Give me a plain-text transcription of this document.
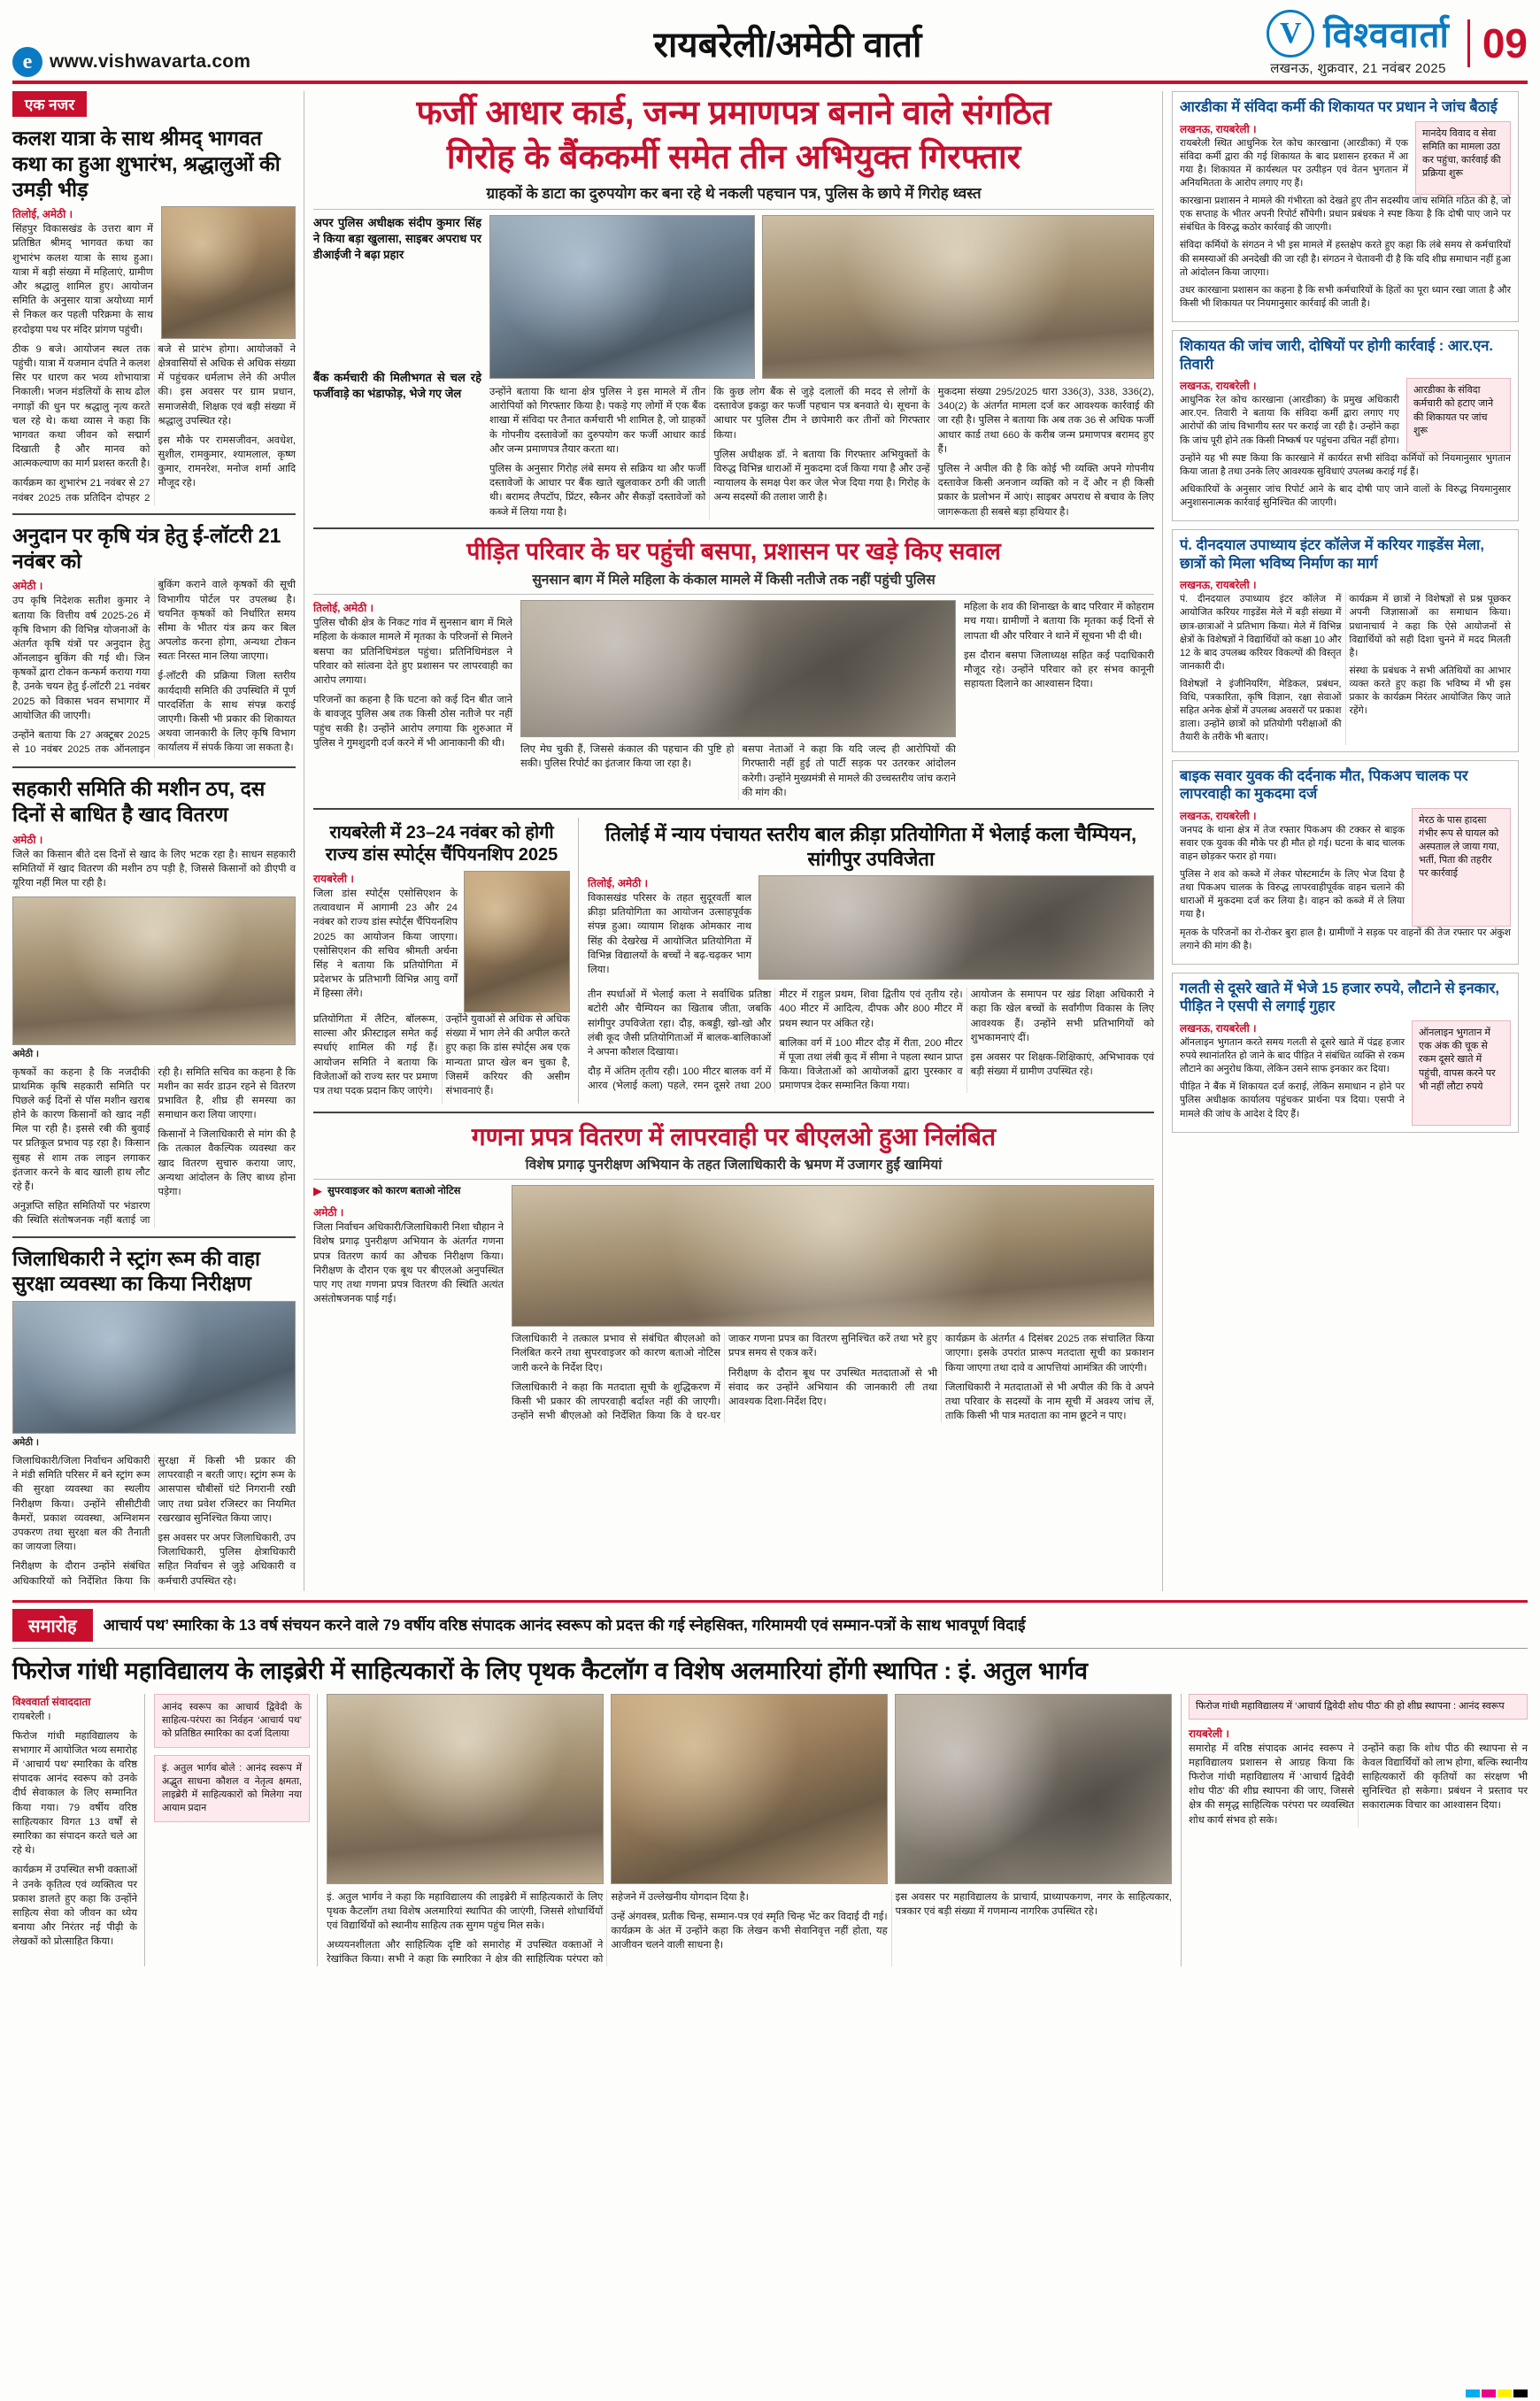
e www.vishwavarta.com	रायबरेली/अमेठी वार्ता	V विश्ववार्ता
लखनऊ, शुक्रवार, 21 नवंबर 2025
09
एक नजर
कलश यात्रा के साथ श्रीमद् भागवत कथा का हुआ शुभारंभ, श्रद्धालुओं की उमड़ी भीड़
तिलोई, अमेठी ।

सिंहपुर विकासखंड के उत्तरा बाग में प्रतिष्ठित श्रीमद् भागवत कथा का शुभारंभ कलश यात्रा के साथ हुआ। यात्रा में बड़ी संख्या में महिलाएं, ग्रामीण और श्रद्धालु शामिल हुए। आयोजन समिति के अनुसार यात्रा अयोध्या मार्ग से निकल कर पहली परिक्रमा के साथ हरदोइया पथ पर मंदिर प्रांगण पहुंची।

ठीक 9 बजे। आयोजन स्थल तक पहुंची। यात्रा में यजमान दंपति ने कलश सिर पर धारण कर भव्य शोभायात्रा निकाली। भजन मंडलियों के साथ ढोल नगाड़ों की धुन पर श्रद्धालु नृत्य करते चल रहे थे। कथा व्यास ने कहा कि भागवत कथा जीवन को सद्मार्ग दिखाती है और मानव को आत्मकल्याण का मार्ग प्रशस्त करती है।

कार्यक्रम का शुभारंभ 21 नवंबर से 27 नवंबर 2025 तक प्रतिदिन दोपहर 2 बजे से प्रारंभ होगा। आयोजकों ने क्षेत्रवासियों से अधिक से अधिक संख्या में पहुंचकर धर्मलाभ लेने की अपील की। इस अवसर पर ग्राम प्रधान, समाजसेवी, शिक्षक एवं बड़ी संख्या में श्रद्धालु उपस्थित रहे।

इस मौके पर रामसजीवन, अवधेश, सुशील, रामकुमार, श्यामलाल, कृष्ण कुमार, रामनरेश, मनोज शर्मा आदि मौजूद रहे।

अनुदान पर कृषि यंत्र हेतु ई-लॉटरी 21 नवंबर को
अमेठी ।

उप कृषि निदेशक सतीश कुमार ने बताया कि वित्तीय वर्ष 2025-26 में कृषि विभाग की विभिन्न योजनाओं के अंतर्गत कृषि यंत्रों पर अनुदान हेतु ऑनलाइन बुकिंग की गई थी। जिन कृषकों द्वारा टोकन कन्फर्म कराया गया है, उनके चयन हेतु ई-लॉटरी 21 नवंबर 2025 को विकास भवन सभागार में आयोजित की जाएगी।

उन्होंने बताया कि 27 अक्टूबर 2025 से 10 नवंबर 2025 तक ऑनलाइन बुकिंग कराने वाले कृषकों की सूची विभागीय पोर्टल पर उपलब्ध है। चयनित कृषकों को निर्धारित समय सीमा के भीतर यंत्र क्रय कर बिल अपलोड करना होगा, अन्यथा टोकन स्वतः निरस्त मान लिया जाएगा।

ई-लॉटरी की प्रक्रिया जिला स्तरीय कार्यदायी समिति की उपस्थिति में पूर्ण पारदर्शिता के साथ संपन्न कराई जाएगी। किसी भी प्रकार की शिकायत अथवा जानकारी के लिए कृषि विभाग कार्यालय में संपर्क किया जा सकता है।

सहकारी समिति की मशीन ठप, दस दिनों से बाधित है खाद वितरण
अमेठी ।

जिले का किसान बीते दस दिनों से खाद के लिए भटक रहा है। साधन सहकारी समितियों में खाद वितरण की मशीन ठप पड़ी है, जिससे किसानों को डीएपी व यूरिया नहीं मिल पा रही है।

अमेठी ।

कृषकों का कहना है कि नजदीकी प्राथमिक कृषि सहकारी समिति पर पिछले कई दिनों से पॉस मशीन खराब होने के कारण किसानों को खाद नहीं मिल पा रही है। इससे रबी की बुवाई पर प्रतिकूल प्रभाव पड़ रहा है। किसान सुबह से शाम तक लाइन लगाकर इंतजार करने के बाद खाली हाथ लौट रहे हैं।

अनुज्ञप्ति सहित समितियों पर भंडारण की स्थिति संतोषजनक नहीं बताई जा रही है। समिति सचिव का कहना है कि मशीन का सर्वर डाउन रहने से वितरण प्रभावित है, शीघ्र ही समस्या का समाधान करा लिया जाएगा।

किसानों ने जिलाधिकारी से मांग की है कि तत्काल वैकल्पिक व्यवस्था कर खाद वितरण सुचारु कराया जाए, अन्यथा आंदोलन के लिए बाध्य होना पड़ेगा।

जिलाधिकारी ने स्ट्रांग रूम की वाहा सुरक्षा व्यवस्था का किया निरीक्षण
अमेठी ।

जिलाधिकारी/जिला निर्वाचन अधिकारी ने मंडी समिति परिसर में बने स्ट्रांग रूम की सुरक्षा व्यवस्था का स्थलीय निरीक्षण किया। उन्होंने सीसीटीवी कैमरों, प्रकाश व्यवस्था, अग्निशमन उपकरण तथा सुरक्षा बल की तैनाती का जायजा लिया।

निरीक्षण के दौरान उन्होंने संबंधित अधिकारियों को निर्देशित किया कि सुरक्षा में किसी भी प्रकार की लापरवाही न बरती जाए। स्ट्रांग रूम के आसपास चौबीसों घंटे निगरानी रखी जाए तथा प्रवेश रजिस्टर का नियमित रखरखाव सुनिश्चित किया जाए।

इस अवसर पर अपर जिलाधिकारी, उप जिलाधिकारी, पुलिस क्षेत्राधिकारी सहित निर्वाचन से जुड़े अधिकारी व कर्मचारी उपस्थित रहे।

फर्जी आधार कार्ड, जन्म प्रमाणपत्र बनाने वाले संगठित
गिरोह के बैंककर्मी समेत तीन अभियुक्त गिरफ्तार
ग्राहकों के डाटा का दुरुपयोग कर बना रहे थे नकली पहचान पत्र, पुलिस के छापे में गिरोह ध्वस्त

अपर पुलिस अधीक्षक संदीप कुमार सिंह ने किया बड़ा खुलासा, साइबर अपराध पर डीआईजी ने बढ़ा प्रहार

बैंक कर्मचारी की मिलीभगत से चल रहे फर्जीवाड़े का भंडाफोड़, भेजे गए जेल	उन्होंने बताया कि थाना क्षेत्र पुलिस ने इस मामले में तीन आरोपियों को गिरफ्तार किया है। पकड़े गए लोगों में एक बैंक शाखा में संविदा पर तैनात कर्मचारी भी शामिल है, जो ग्राहकों के गोपनीय दस्तावेजों का दुरुपयोग कर फर्जी आधार कार्ड और जन्म प्रमाणपत्र तैयार करता था।

पुलिस के अनुसार गिरोह लंबे समय से सक्रिय था और फर्जी दस्तावेजों के आधार पर बैंक खाते खुलवाकर ठगी की जाती थी। बरामद लैपटॉप, प्रिंटर, स्कैनर और सैकड़ों दस्तावेजों को कब्जे में लिया गया है।

कि कुछ लोग बैंक से जुड़े दलालों की मदद से लोगों के दस्तावेज इकट्ठा कर फर्जी पहचान पत्र बनवाते थे। सूचना के आधार पर पुलिस टीम ने छापेमारी कर तीनों को गिरफ्तार किया।

पुलिस अधीक्षक डॉ. ने बताया कि गिरफ्तार अभियुक्तों के विरुद्ध विभिन्न धाराओं में मुकदमा दर्ज किया गया है और उन्हें न्यायालय के समक्ष पेश कर जेल भेज दिया गया है। गिरोह के अन्य सदस्यों की तलाश जारी है।

मुकदमा संख्या 295/2025 धारा 336(3), 338, 336(2), 340(2) के अंतर्गत मामला दर्ज कर आवश्यक कार्रवाई की जा रही है। पुलिस ने बताया कि अब तक 36 से अधिक फर्जी आधार कार्ड तथा 660 के करीब जन्म प्रमाणपत्र बरामद हुए हैं।

पुलिस ने अपील की है कि कोई भी व्यक्ति अपने गोपनीय दस्तावेज किसी अनजान व्यक्ति को न दें और न ही किसी प्रकार के प्रलोभन में आएं। साइबर अपराध से बचाव के लिए जागरूकता ही सबसे बड़ा हथियार है।

पीड़ित परिवार के घर पहुंची बसपा, प्रशासन पर खड़े किए सवाल
सुनसान बाग में मिले महिला के कंकाल मामले में किसी नतीजे तक नहीं पहुंची पुलिस
तिलोई, अमेठी ।

पुलिस चौकी क्षेत्र के निकट गांव में सुनसान बाग में मिले महिला के कंकाल मामले में मृतका के परिजनों से मिलने बसपा का प्रतिनिधिमंडल पहुंचा। प्रतिनिधिमंडल ने परिवार को सांत्वना देते हुए प्रशासन पर लापरवाही का आरोप लगाया।

परिजनों का कहना है कि घटना को कई दिन बीत जाने के बावजूद पुलिस अब तक किसी ठोस नतीजे पर नहीं पहुंच सकी है। उन्होंने आरोप लगाया कि शुरुआत में पुलिस ने गुमशुदगी दर्ज करने में भी आनाकानी की थी।

लिए मेघ चुकी हैं, जिससे कंकाल की पहचान की पुष्टि हो सकी। पुलिस रिपोर्ट का इंतजार किया जा रहा है।

बसपा नेताओं ने कहा कि यदि जल्द ही आरोपियों की गिरफ्तारी नहीं हुई तो पार्टी सड़क पर उतरकर आंदोलन करेगी। उन्होंने मुख्यमंत्री से मामले की उच्चस्तरीय जांच कराने की मांग की।

महिला के शव की शिनाख्त के बाद परिवार में कोहराम मच गया। ग्रामीणों ने बताया कि मृतका कई दिनों से लापता थी और परिवार ने थाने में सूचना भी दी थी।

इस दौरान बसपा जिलाध्यक्ष सहित कई पदाधिकारी मौजूद रहे। उन्होंने परिवार को हर संभव कानूनी सहायता दिलाने का आश्वासन दिया।

रायबरेली में 23–24 नवंबर को होगी राज्य डांस स्पोर्ट्स चैंपियनशिप 2025
रायबरेली ।

जिला डांस स्पोर्ट्स एसोसिएशन के तत्वावधान में आगामी 23 और 24 नवंबर को राज्य डांस स्पोर्ट्स चैंपियनशिप 2025 का आयोजन किया जाएगा। एसोसिएशन की सचिव श्रीमती अर्चना सिंह ने बताया कि प्रतियोगिता में प्रदेशभर के प्रतिभागी विभिन्न आयु वर्गों में हिस्सा लेंगे।

प्रतियोगिता में लैटिन, बॉलरूम, साल्सा और फ्रीस्टाइल समेत कई स्पर्धाएं शामिल की गई हैं। आयोजन समिति ने बताया कि विजेताओं को राज्य स्तर पर प्रमाण पत्र तथा पदक प्रदान किए जाएंगे।

उन्होंने युवाओं से अधिक से अधिक संख्या में भाग लेने की अपील करते हुए कहा कि डांस स्पोर्ट्स अब एक मान्यता प्राप्त खेल बन चुका है, जिसमें करियर की असीम संभावनाएं हैं।

तिलोई में न्याय पंचायत स्तरीय बाल क्रीड़ा प्रतियोगिता में भेलाई कला चैम्पियन, सांगीपुर उपविजेता
तिलोई, अमेठी ।

विकासखंड परिसर के तहत सुदूरवर्ती बाल क्रीड़ा प्रतियोगिता का आयोजन उत्साहपूर्वक संपन्न हुआ। व्यायाम शिक्षक ओमकार नाथ सिंह की देखरेख में आयोजित प्रतियोगिता में विभिन्न विद्यालयों के बच्चों ने बढ़-चढ़कर भाग लिया।

तीन स्पर्धाओं में भेलाई कला ने सर्वाधिक प्रतिष्ठा बटोरी और चैम्पियन का खिताब जीता, जबकि सांगीपुर उपविजेता रहा। दौड़, कबड्डी, खो-खो और लंबी कूद जैसी प्रतियोगिताओं में बालक-बालिकाओं ने अपना कौशल दिखाया।

दौड़ में अंतिम तृतीय रही। 100 मीटर बालक वर्ग में आरव (भेलाई कला) पहले, रमन दूसरे तथा 200 मीटर में राहुल प्रथम, शिवा द्वितीय एवं तृतीय रहे। 400 मीटर में आदित्य, दीपक और 800 मीटर में प्रथम स्थान पर अंकित रहे।

बालिका वर्ग में 100 मीटर दौड़ में रीता, 200 मीटर में पूजा तथा लंबी कूद में सीमा ने पहला स्थान प्राप्त किया। विजेताओं को आयोजकों द्वारा पुरस्कार व प्रमाणपत्र देकर सम्मानित किया गया।

आयोजन के समापन पर खंड शिक्षा अधिकारी ने कहा कि खेल बच्चों के सर्वांगीण विकास के लिए आवश्यक हैं। उन्होंने सभी प्रतिभागियों को शुभकामनाएं दीं।

इस अवसर पर शिक्षक-शिक्षिकाएं, अभिभावक एवं बड़ी संख्या में ग्रामीण उपस्थित रहे।

गणना प्रपत्र वितरण में लापरवाही पर बीएलओ हुआ निलंबित
विशेष प्रगाढ़ पुनरीक्षण अभियान के तहत जिलाधिकारी के भ्रमण में उजागर हुईं खामियां
▶ सुपरवाइजर को कारण बताओ नोटिस
अमेठी ।

जिला निर्वाचन अधिकारी/जिलाधिकारी निशा चौहान ने विशेष प्रगाढ़ पुनरीक्षण अभियान के अंतर्गत गणना प्रपत्र वितरण कार्य का औचक निरीक्षण किया। निरीक्षण के दौरान एक बूथ पर बीएलओ अनुपस्थित पाए गए तथा गणना प्रपत्र वितरण की स्थिति अत्यंत असंतोषजनक पाई गई।

जिलाधिकारी ने तत्काल प्रभाव से संबंधित बीएलओ को निलंबित करने तथा सुपरवाइजर को कारण बताओ नोटिस जारी करने के निर्देश दिए।

जिलाधिकारी ने कहा कि मतदाता सूची के शुद्धिकरण में किसी भी प्रकार की लापरवाही बर्दाश्त नहीं की जाएगी। उन्होंने सभी बीएलओ को निर्देशित किया कि वे घर-घर जाकर गणना प्रपत्र का वितरण सुनिश्चित करें तथा भरे हुए प्रपत्र समय से एकत्र करें।

निरीक्षण के दौरान बूथ पर उपस्थित मतदाताओं से भी संवाद कर उन्होंने अभियान की जानकारी ली तथा आवश्यक दिशा-निर्देश दिए।

कार्यक्रम के अंतर्गत 4 दिसंबर 2025 तक संचालित किया जाएगा। इसके उपरांत प्रारूप मतदाता सूची का प्रकाशन किया जाएगा तथा दावे व आपत्तियां आमंत्रित की जाएंगी।

जिलाधिकारी ने मतदाताओं से भी अपील की कि वे अपने तथा परिवार के सदस्यों के नाम सूची में अवश्य जांच लें, ताकि किसी भी पात्र मतदाता का नाम छूटने न पाए।

आरडीका में संविदा कर्मी की शिकायत पर प्रधान ने जांच बैठाई
लखनऊ, रायबरेली ।

रायबरेली स्थित आधुनिक रेल कोच कारखाना (आरडीका) में एक संविदा कर्मी द्वारा की गई शिकायत के बाद प्रशासन हरकत में आ गया है। शिकायत में कार्यस्थल पर उत्पीड़न एवं वेतन भुगतान में अनियमितता के आरोप लगाए गए हैं।

मानदेय विवाद व सेवा समिति का मामला उठा कर पहुंचा, कार्रवाई की प्रक्रिया शुरू

कारखाना प्रशासन ने मामले की गंभीरता को देखते हुए तीन सदस्यीय जांच समिति गठित की है, जो एक सप्ताह के भीतर अपनी रिपोर्ट सौंपेगी। प्रधान प्रबंधक ने स्पष्ट किया है कि दोषी पाए जाने पर संबंधित के विरुद्ध कठोर कार्रवाई की जाएगी।

संविदा कर्मियों के संगठन ने भी इस मामले में हस्तक्षेप करते हुए कहा कि लंबे समय से कर्मचारियों की समस्याओं की अनदेखी की जा रही है। संगठन ने चेतावनी दी है कि यदि शीघ्र समाधान नहीं हुआ तो आंदोलन किया जाएगा।

उधर कारखाना प्रशासन का कहना है कि सभी कर्मचारियों के हितों का पूरा ध्यान रखा जाता है और किसी भी शिकायत पर नियमानुसार कार्रवाई की जाती है।

शिकायत की जांच जारी, दोषियों पर होगी कार्रवाई : आर.एन. तिवारी
लखनऊ, रायबरेली ।

आधुनिक रेल कोच कारखाना (आरडीका) के प्रमुख अधिकारी आर.एन. तिवारी ने बताया कि संविदा कर्मी द्वारा लगाए गए आरोपों की जांच विभागीय स्तर पर कराई जा रही है। उन्होंने कहा कि जांच पूरी होने तक किसी निष्कर्ष पर पहुंचना उचित नहीं होगा।

आरडीका के संविदा कर्मचारी को हटाए जाने की शिकायत पर जांच शुरू

उन्होंने यह भी स्पष्ट किया कि कारखाने में कार्यरत सभी संविदा कर्मियों को नियमानुसार भुगतान किया जाता है तथा उनके लिए आवश्यक सुविधाएं उपलब्ध कराई गई हैं।

अधिकारियों के अनुसार जांच रिपोर्ट आने के बाद दोषी पाए जाने वालों के विरुद्ध नियमानुसार अनुशासनात्मक कार्रवाई सुनिश्चित की जाएगी।

पं. दीनदयाल उपाध्याय इंटर कॉलेज में करियर गाइडेंस मेला, छात्रों को मिला भविष्य निर्माण का मार्ग
लखनऊ, रायबरेली ।

पं. दीनदयाल उपाध्याय इंटर कॉलेज में आयोजित करियर गाइडेंस मेले में बड़ी संख्या में छात्र-छात्राओं ने प्रतिभाग किया। मेले में विभिन्न क्षेत्रों के विशेषज्ञों ने विद्यार्थियों को कक्षा 10 और 12 के बाद उपलब्ध करियर विकल्पों की विस्तृत जानकारी दी।

विशेषज्ञों ने इंजीनियरिंग, मेडिकल, प्रबंधन, विधि, पत्रकारिता, कृषि विज्ञान, रक्षा सेवाओं सहित अनेक क्षेत्रों में उपलब्ध अवसरों पर प्रकाश डाला। उन्होंने छात्रों को प्रतियोगी परीक्षाओं की तैयारी के तरीके भी बताए।

कार्यक्रम में छात्रों ने विशेषज्ञों से प्रश्न पूछकर अपनी जिज्ञासाओं का समाधान किया। प्रधानाचार्य ने कहा कि ऐसे आयोजनों से विद्यार्थियों को सही दिशा चुनने में मदद मिलती है।

संस्था के प्रबंधक ने सभी अतिथियों का आभार व्यक्त करते हुए कहा कि भविष्य में भी इस प्रकार के कार्यक्रम निरंतर आयोजित किए जाते रहेंगे।

बाइक सवार युवक की दर्दनाक मौत, पिकअप चालक पर लापरवाही का मुकदमा दर्ज
लखनऊ, रायबरेली ।

जनपद के थाना क्षेत्र में तेज रफ्तार पिकअप की टक्कर से बाइक सवार एक युवक की मौके पर ही मौत हो गई। घटना के बाद चालक वाहन छोड़कर फरार हो गया।

पुलिस ने शव को कब्जे में लेकर पोस्टमार्टम के लिए भेज दिया है तथा पिकअप चालक के विरुद्ध लापरवाहीपूर्वक वाहन चलाने की धाराओं में मुकदमा दर्ज कर लिया है। वाहन को कब्जे में ले लिया गया है।

मेरठ के पास हादसा गंभीर रूप से घायल को अस्पताल ले जाया गया, भर्ती, पिता की तहरीर पर कार्रवाई

मृतक के परिजनों का रो-रोकर बुरा हाल है। ग्रामीणों ने सड़क पर वाहनों की तेज रफ्तार पर अंकुश लगाने की मांग की है।

गलती से दूसरे खाते में भेजे 15 हजार रुपये, लौटाने से इनकार, पीड़ित ने एसपी से लगाई गुहार
लखनऊ, रायबरेली ।

ऑनलाइन भुगतान करते समय गलती से दूसरे खाते में पंद्रह हजार रुपये स्थानांतरित हो जाने के बाद पीड़ित ने संबंधित व्यक्ति से रकम लौटाने का अनुरोध किया, लेकिन उसने साफ इनकार कर दिया।

पीड़ित ने बैंक में शिकायत दर्ज कराई, लेकिन समाधान न होने पर पुलिस अधीक्षक कार्यालय पहुंचकर प्रार्थना पत्र दिया। एसपी ने मामले की जांच के आदेश दे दिए हैं।

ऑनलाइन भुगतान में एक अंक की चूक से रकम दूसरे खाते में पहुंची, वापस करने पर भी नहीं लौटा रुपये
समारोह	आचार्य पथ’ स्मारिका के 13 वर्ष संचयन करने वाले 79 वर्षीय वरिष्ठ संपादक आनंद स्वरूप को प्रदत्त की गई स्नेहसिक्त, गरिमामयी एवं सम्मान-पत्रों के साथ भावपूर्ण विदाई
फिरोज गांधी महाविद्यालय के लाइब्रेरी में साहित्यकारों के लिए पृथक कैटलॉग व विशेष अलमारियां होंगी स्थापित : इं. अतुल भार्गव
विश्ववार्ता संवाददाता

रायबरेली ।

फिरोज गांधी महाविद्यालय के सभागार में आयोजित भव्य समारोह में ‘आचार्य पथ’ स्मारिका के वरिष्ठ संपादक आनंद स्वरूप को उनके दीर्घ सेवाकाल के लिए सम्मानित किया गया। 79 वर्षीय वरिष्ठ साहित्यकार विगत 13 वर्षों से स्मारिका का संपादन करते चले आ रहे थे।

कार्यक्रम में उपस्थित सभी वक्ताओं ने उनके कृतित्व एवं व्यक्तित्व पर प्रकाश डालते हुए कहा कि उन्होंने साहित्य सेवा को जीवन का ध्येय बनाया और निरंतर नई पीढ़ी के लेखकों को प्रोत्साहित किया।

आनंद स्वरूप का आचार्य द्विवेदी के साहित्य-परंपरा का निर्वहन ‘आचार्य पथ’ को प्रतिष्ठित स्मारिका का दर्जा दिलाया

इं. अतुल भार्गव बोले : आनंद स्वरूप में अद्भुत साधना कौशल व नेतृत्व क्षमता, लाइब्रेरी में साहित्यकारों को मिलेगा नया आयाम प्रदान

इं. अतुल भार्गव ने कहा कि महाविद्यालय की लाइब्रेरी में साहित्यकारों के लिए पृथक कैटलॉग तथा विशेष अलमारियां स्थापित की जाएंगी, जिससे शोधार्थियों एवं विद्यार्थियों को स्थानीय साहित्य तक सुगम पहुंच मिल सके।

अध्ययनशीलता और साहित्यिक दृष्टि को समारोह में उपस्थित वक्ताओं ने रेखांकित किया। सभी ने कहा कि स्मारिका ने क्षेत्र की साहित्यिक परंपरा को सहेजने में उल्लेखनीय योगदान दिया है।

उन्हें अंगवस्त्र, प्रतीक चिन्ह, सम्मान-पत्र एवं स्मृति चिन्ह भेंट कर विदाई दी गई। कार्यक्रम के अंत में उन्होंने कहा कि लेखन कभी सेवानिवृत्त नहीं होता, यह आजीवन चलने वाली साधना है।

इस अवसर पर महाविद्यालय के प्राचार्य, प्राध्यापकगण, नगर के साहित्यकार, पत्रकार एवं बड़ी संख्या में गणमान्य नागरिक उपस्थित रहे।

फिरोज गांधी महाविद्यालय में ‘आचार्य द्विवेदी शोध पीठ’ की हो शीघ्र स्थापना : आनंद स्वरूप
रायबरेली ।

समारोह में वरिष्ठ संपादक आनंद स्वरूप ने महाविद्यालय प्रशासन से आग्रह किया कि फिरोज गांधी महाविद्यालय में ‘आचार्य द्विवेदी शोध पीठ’ की शीघ्र स्थापना की जाए, जिससे क्षेत्र की समृद्ध साहित्यिक परंपरा पर व्यवस्थित शोध कार्य संभव हो सके।

उन्होंने कहा कि शोध पीठ की स्थापना से न केवल विद्यार्थियों को लाभ होगा, बल्कि स्थानीय साहित्यकारों की कृतियों का संरक्षण भी सुनिश्चित हो सकेगा। प्रबंधन ने प्रस्ताव पर सकारात्मक विचार का आश्वासन दिया।
